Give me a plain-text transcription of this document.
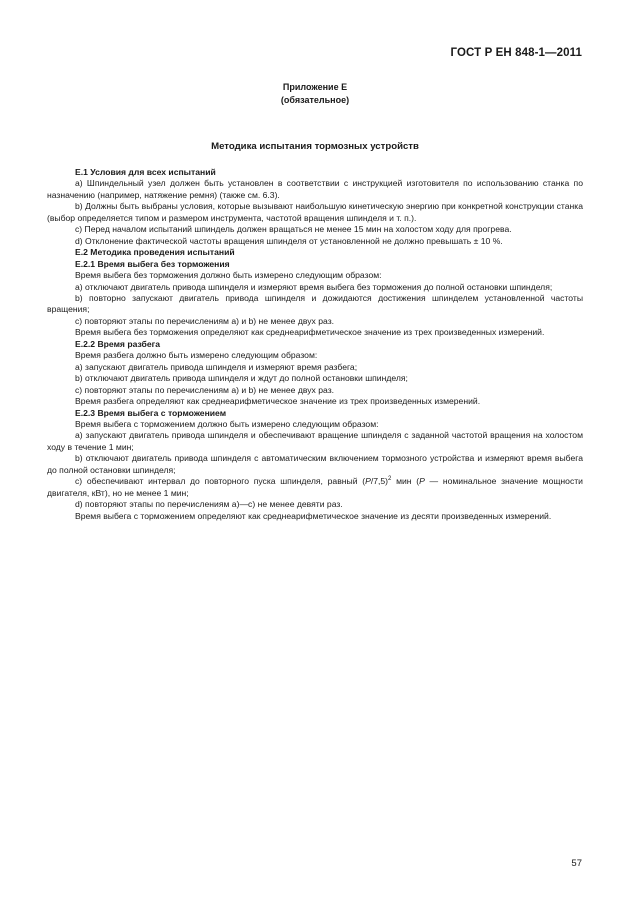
ГОСТ Р ЕН 848-1—2011
Приложение Е
(обязательное)
Методика испытания тормозных устройств

Е.1 Условия для всех испытаний

а) Шпиндельный узел должен быть установлен в соответствии с инструкцией изготовителя по использованию станка по назначению (например, натяжение ремня) (также см. 6.3).

b) Должны быть выбраны условия, которые вызывают наибольшую кинетическую энергию при конкретной конструкции станка (выбор определяется типом и размером инструмента, частотой вращения шпинделя и т. п.).

с) Перед началом испытаний шпиндель должен вращаться не менее 15 мин на холостом ходу для прогрева.

d) Отклонение фактической частоты вращения шпинделя от установленной не должно превышать ± 10 %.

Е.2 Методика проведения испытаний

Е.2.1 Время выбега без торможения

Время выбега без торможения должно быть измерено следующим образом:

а) отключают двигатель привода шпинделя и измеряют время выбега без торможения до полной остановки шпинделя;

b) повторно запускают двигатель привода шпинделя и дожидаются достижения шпинделем установленной частоты вращения;

с) повторяют этапы по перечислениям а) и b) не менее двух раз.

Время выбега без торможения определяют как среднеарифметическое значение из трех произведенных измерений.

Е.2.2 Время разбега

Время разбега должно быть измерено следующим образом:

а) запускают двигатель привода шпинделя и измеряют время разбега;

b) отключают двигатель привода шпинделя и ждут до полной остановки шпинделя;

с) повторяют этапы по перечислениям а) и b) не менее двух раз.

Время разбега определяют как среднеарифметическое значение из трех произведенных измерений.

Е.2.3 Время выбега с торможением

Время выбега с торможением должно быть измерено следующим образом:

а) запускают двигатель привода шпинделя и обеспечивают вращение шпинделя с заданной частотой вращения на холостом ходу в течение 1 мин;

b) отключают двигатель привода шпинделя с автоматическим включением тормозного устройства и измеряют время выбега до полной остановки шпинделя;

с) обеспечивают интервал до повторного пуска шпинделя, равный $(P/7,5)^2$ мин (P — номинальное значение мощности двигателя, кВт), но не менее 1 мин;

d) повторяют этапы по перечислениям а)—с) не менее девяти раз.

Время выбега с торможением определяют как среднеарифметическое значение из десяти произведенных измерений.

57
